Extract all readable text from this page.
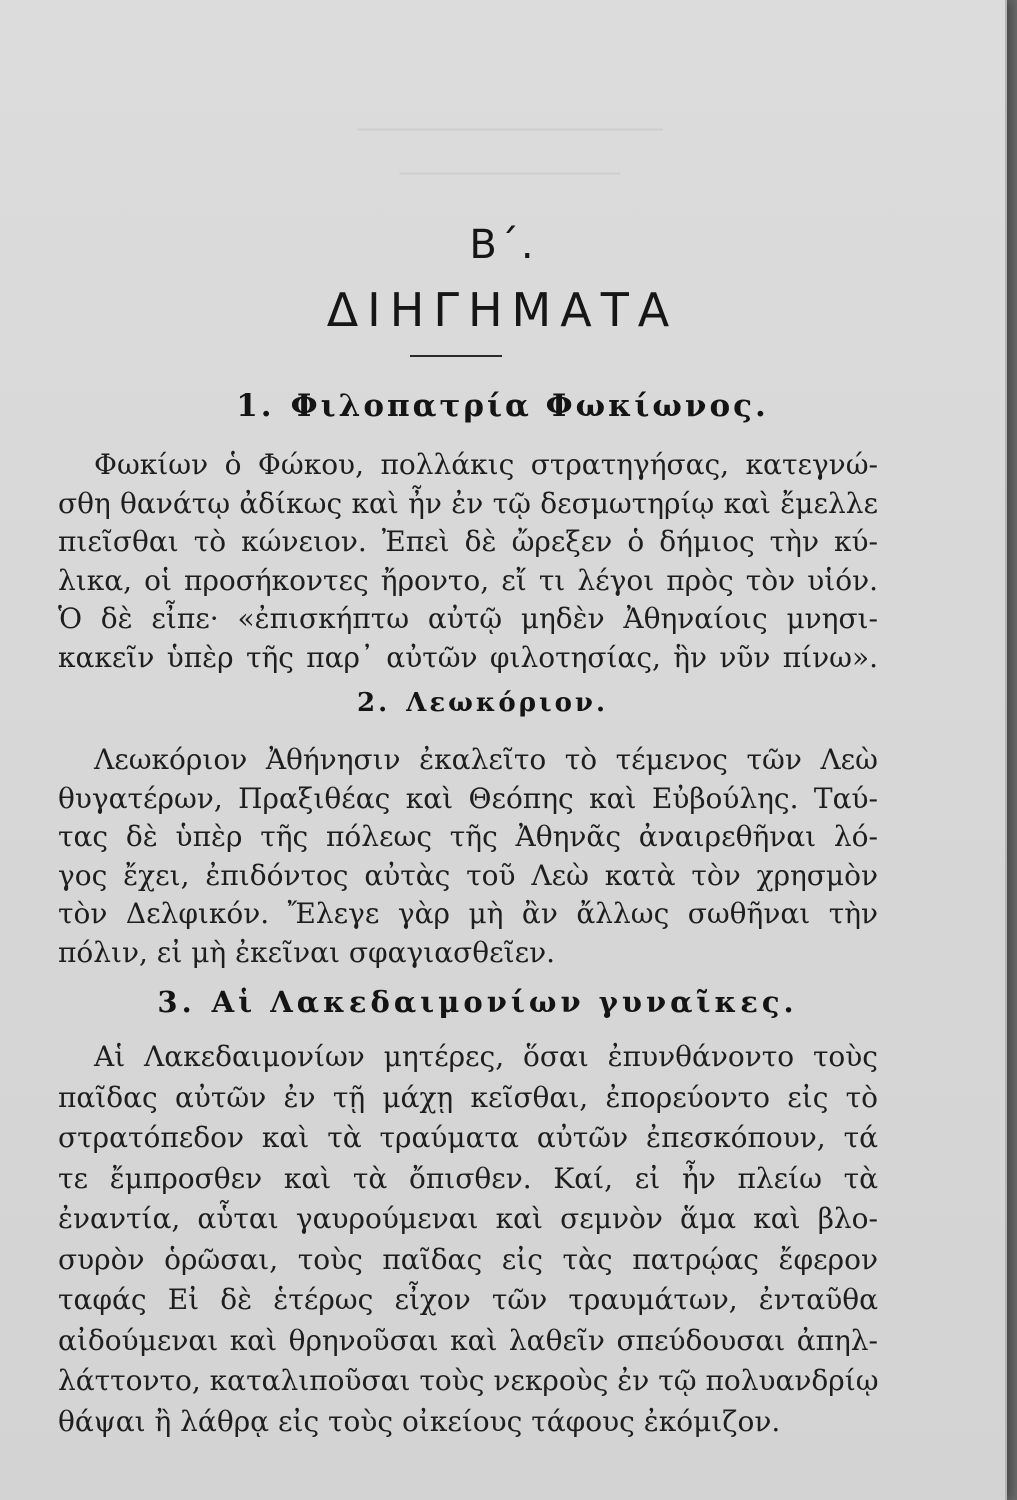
⎯⎯⎯⎯⎯⎯⎯⎯⎯⎯⎯⎯⎯⎯⎯⎯⎯⎯
⎯⎯⎯⎯⎯⎯⎯⎯⎯⎯⎯⎯⎯
Β΄.
ΔΙΗΓΗΜΑΤΑ
1. Φιλοπατρία Φωκίωνος.

Φωκίων ὁ Φώκου, πολλάκις στρατηγήσας, κατεγνώ-
σθη θανάτῳ ἀδίκως καὶ ἦν ἐν τῷ δεσμωτηρίῳ καὶ ἔμελλε
πιεῖσθαι τὸ κώνειον. Ἐπεὶ δὲ ὤρεξεν ὁ δήμιος τὴν κύ-
λικα, οἱ προσήκοντες ἤροντο, εἴ τι λέγοι πρὸς τὸν υἱόν.
Ὁ δὲ εἶπε· «ἐπισκήπτω αὐτῷ μηδὲν Ἀθηναίοις μνησι-
κακεῖν ὑπὲρ τῆς παρ᾽ αὐτῶν φιλοτησίας, ἣν νῦν πίνω».

2. Λεωκόριον.

Λεωκόριον Ἀθήνησιν ἐκαλεῖτο τὸ τέμενος τῶν Λεὼ
θυγατέρων, Πραξιθέας καὶ Θεόπης καὶ Εὐβούλης. Ταύ-
τας δὲ ὑπὲρ τῆς πόλεως τῆς Ἀθηνᾶς ἀναιρεθῆναι λό-
γος ἔχει, ἐπιδόντος αὐτὰς τοῦ Λεὼ κατὰ τὸν χρησμὸν
τὸν Δελφικόν. Ἔλεγε γὰρ μὴ ἂν ἄλλως σωθῆναι τὴν
πόλιν, εἰ μὴ ἐκεῖναι σφαγιασθεῖεν.

3. Αἱ Λακεδαιμονίων γυναῖκες.

Αἱ Λακεδαιμονίων μητέρες, ὅσαι ἐπυνθάνοντο τοὺς
παῖδας αὐτῶν ἐν τῇ μάχῃ κεῖσθαι, ἐπορεύοντο εἰς τὸ
στρατόπεδον καὶ τὰ τραύματα αὐτῶν ἐπεσκόπουν, τά
τε ἔμπροσθεν καὶ τὰ ὄπισθεν. Καί, εἰ ἦν πλείω τὰ
ἐναντία, αὗται γαυρούμεναι καὶ σεμνὸν ἅμα καὶ βλο-
συρὸν ὁρῶσαι, τοὺς παῖδας εἰς τὰς πατρῴας ἔφερον
ταφάς Εἰ δὲ ἑτέρως εἶχον τῶν τραυμάτων, ἐνταῦθα
αἰδούμεναι καὶ θρηνοῦσαι καὶ λαθεῖν σπεύδουσαι ἀπηλ-
λάττοντο, καταλιποῦσαι τοὺς νεκροὺς ἐν τῷ πολυανδρίῳ
θάψαι ἢ λάθρᾳ εἰς τοὺς οἰκείους τάφους ἐκόμιζον.
